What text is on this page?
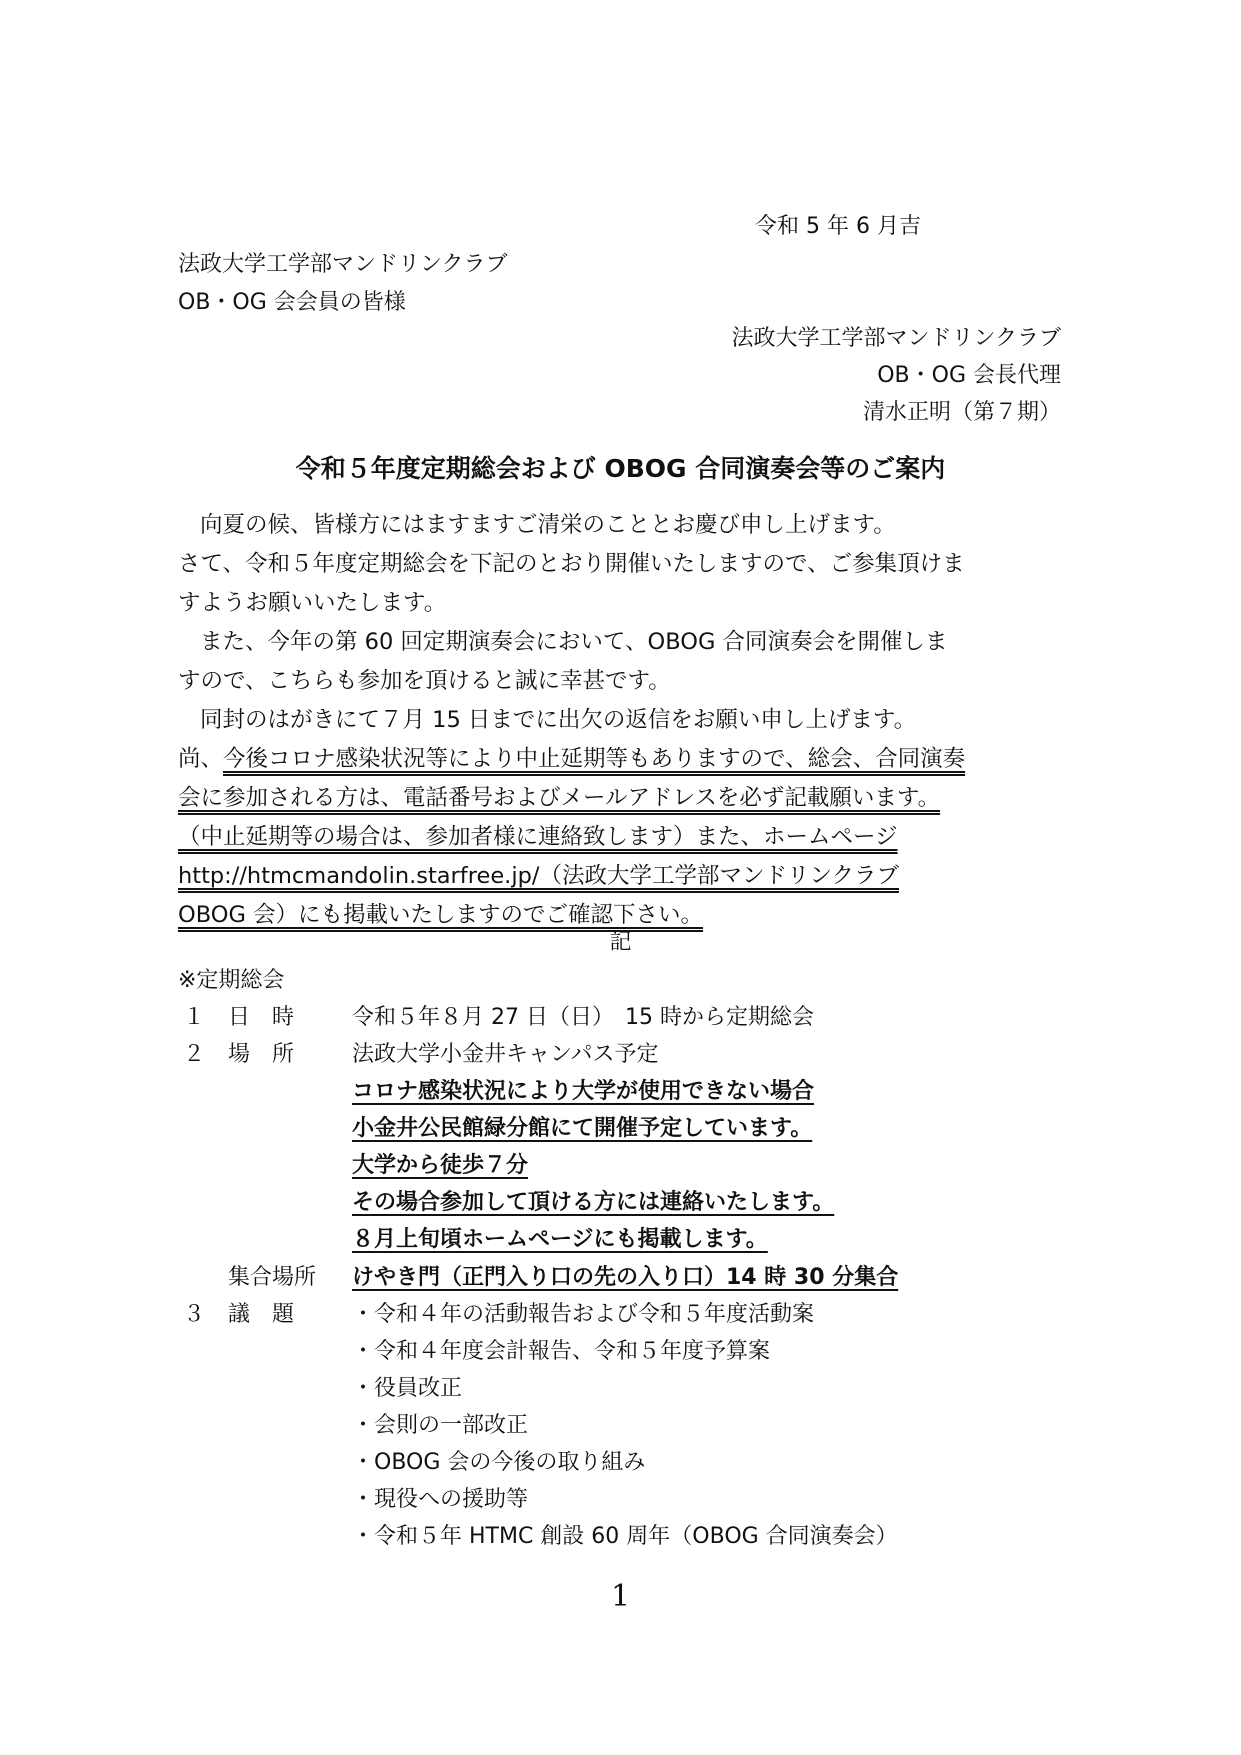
令和 5 年 6 月吉
法政大学工学部マンドリンクラブ
OB・OG 会会員の皆様
法政大学工学部マンドリンクラブ
OB・OG 会長代理
清水正明（第７期）
令和５年度定期総会および OBOG 合同演奏会等のご案内
向夏の候、皆様方にはますますご清栄のこととお慶び申し上げます。
さて、令和５年度定期総会を下記のとおり開催いたしますので、ご参集頂けま
すようお願いいたします。
また、今年の第 60 回定期演奏会において、OBOG 合同演奏会を開催しま
すので、こちらも参加を頂けると誠に幸甚です。
同封のはがきにて７月 15 日までに出欠の返信をお願い申し上げます。
尚、今後コロナ感染状況等により中止延期等もありますので、総会、合同演奏
会に参加される方は、電話番号およびメールアドレスを必ず記載願います。
（中止延期等の場合は、参加者様に連絡致します）また、ホームページ
http://htmcmandolin.starfree.jp/（法政大学工学部マンドリンクラブ
OBOG 会）にも掲載いたしますのでご確認下さい。
記
※定期総会
１ 日　時	令和５年８月 27 日（日）　15 時から定期総会
２ 場　所	法政大学小金井キャンパス予定
コロナ感染状況により大学が使用できない場合
小金井公民館緑分館にて開催予定しています。
大学から徒歩７分
その場合参加して頂ける方には連絡いたします。
８月上旬頃ホームページにも掲載します。
集合場所 けやき門（正門入り口の先の入り口）14 時 30 分集合
３ 議　題	・令和４年の活動報告および令和５年度活動案
・令和４年度会計報告、令和５年度予算案
・役員改正
・会則の一部改正
・OBOG 会の今後の取り組み
・現役への援助等
・令和５年 HTMC 創設 60 周年（OBOG 合同演奏会）
1
